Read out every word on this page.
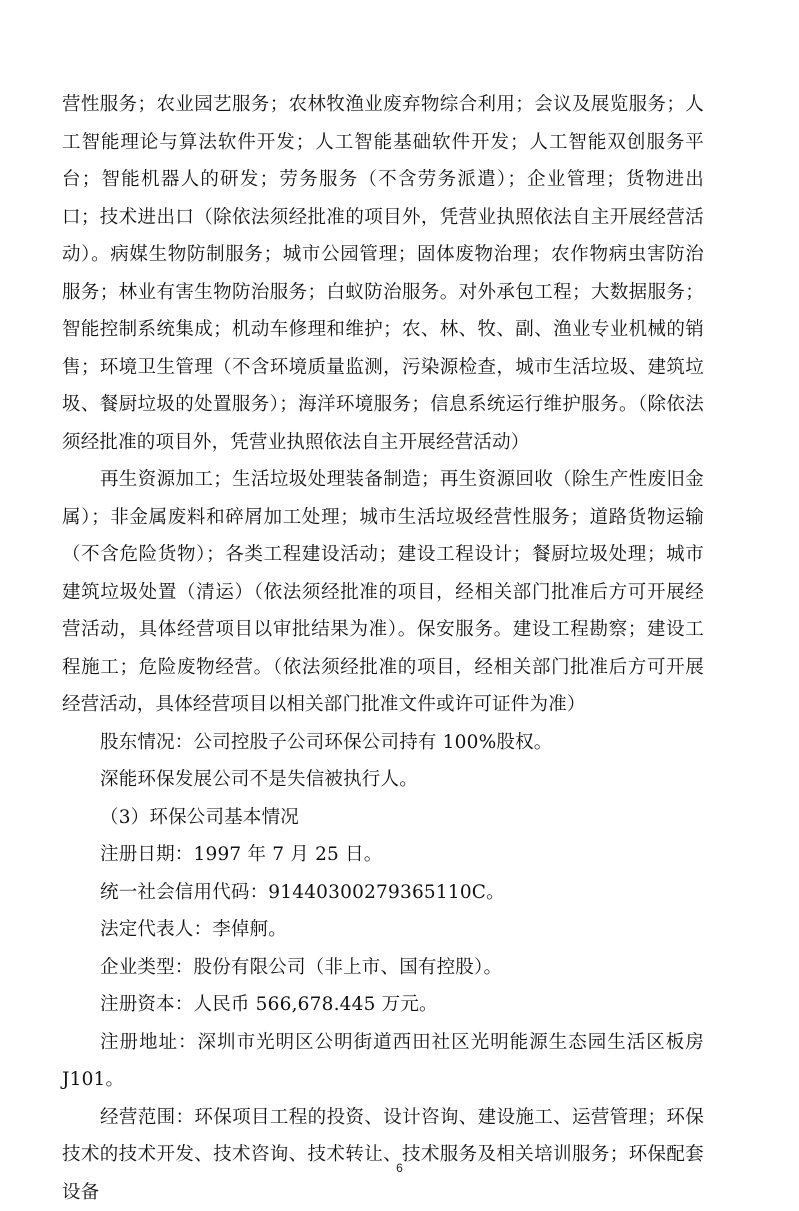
营性服务；农业园艺服务；农林牧渔业废弃物综合利用；会议及展览服务；人工智能理论与算法软件开发；人工智能基础软件开发；人工智能双创服务平台；智能机器人的研发；劳务服务（不含劳务派遣）；企业管理；货物进出口；技术进出口（除依法须经批准的项目外，凭营业执照依法自主开展经营活动）。病媒生物防制服务；城市公园管理；固体废物治理；农作物病虫害防治服务；林业有害生物防治服务；白蚁防治服务。对外承包工程；大数据服务；智能控制系统集成；机动车修理和维护；农、林、牧、副、渔业专业机械的销售；环境卫生管理（不含环境质量监测，污染源检查，城市生活垃圾、建筑垃圾、餐厨垃圾的处置服务）；海洋环境服务；信息系统运行维护服务。（除依法须经批准的项目外，凭营业执照依法自主开展经营活动）

再生资源加工；生活垃圾处理装备制造；再生资源回收（除生产性废旧金属）；非金属废料和碎屑加工处理；城市生活垃圾经营性服务；道路货物运输（不含危险货物）；各类工程建设活动；建设工程设计；餐厨垃圾处理；城市建筑垃圾处置（清运）（依法须经批准的项目，经相关部门批准后方可开展经营活动，具体经营项目以审批结果为准）。保安服务。建设工程勘察；建设工程施工；危险废物经营。（依法须经批准的项目，经相关部门批准后方可开展经营活动，具体经营项目以相关部门批准文件或许可证件为准）

股东情况：公司控股子公司环保公司持有 100%股权。

深能环保发展公司不是失信被执行人。

（3）环保公司基本情况

注册日期：1997 年 7 月 25 日。

统一社会信用代码：91440300279365110C。

法定代表人：李倬舸。

企业类型：股份有限公司（非上市、国有控股）。

注册资本：人民币 566,678.445 万元。

注册地址：深圳市光明区公明街道西田社区光明能源生态园生活区板房J101。

经营范围：环保项目工程的投资、设计咨询、建设施工、运营管理；环保技术的技术开发、技术咨询、技术转让、技术服务及相关培训服务；环保配套设备

6
